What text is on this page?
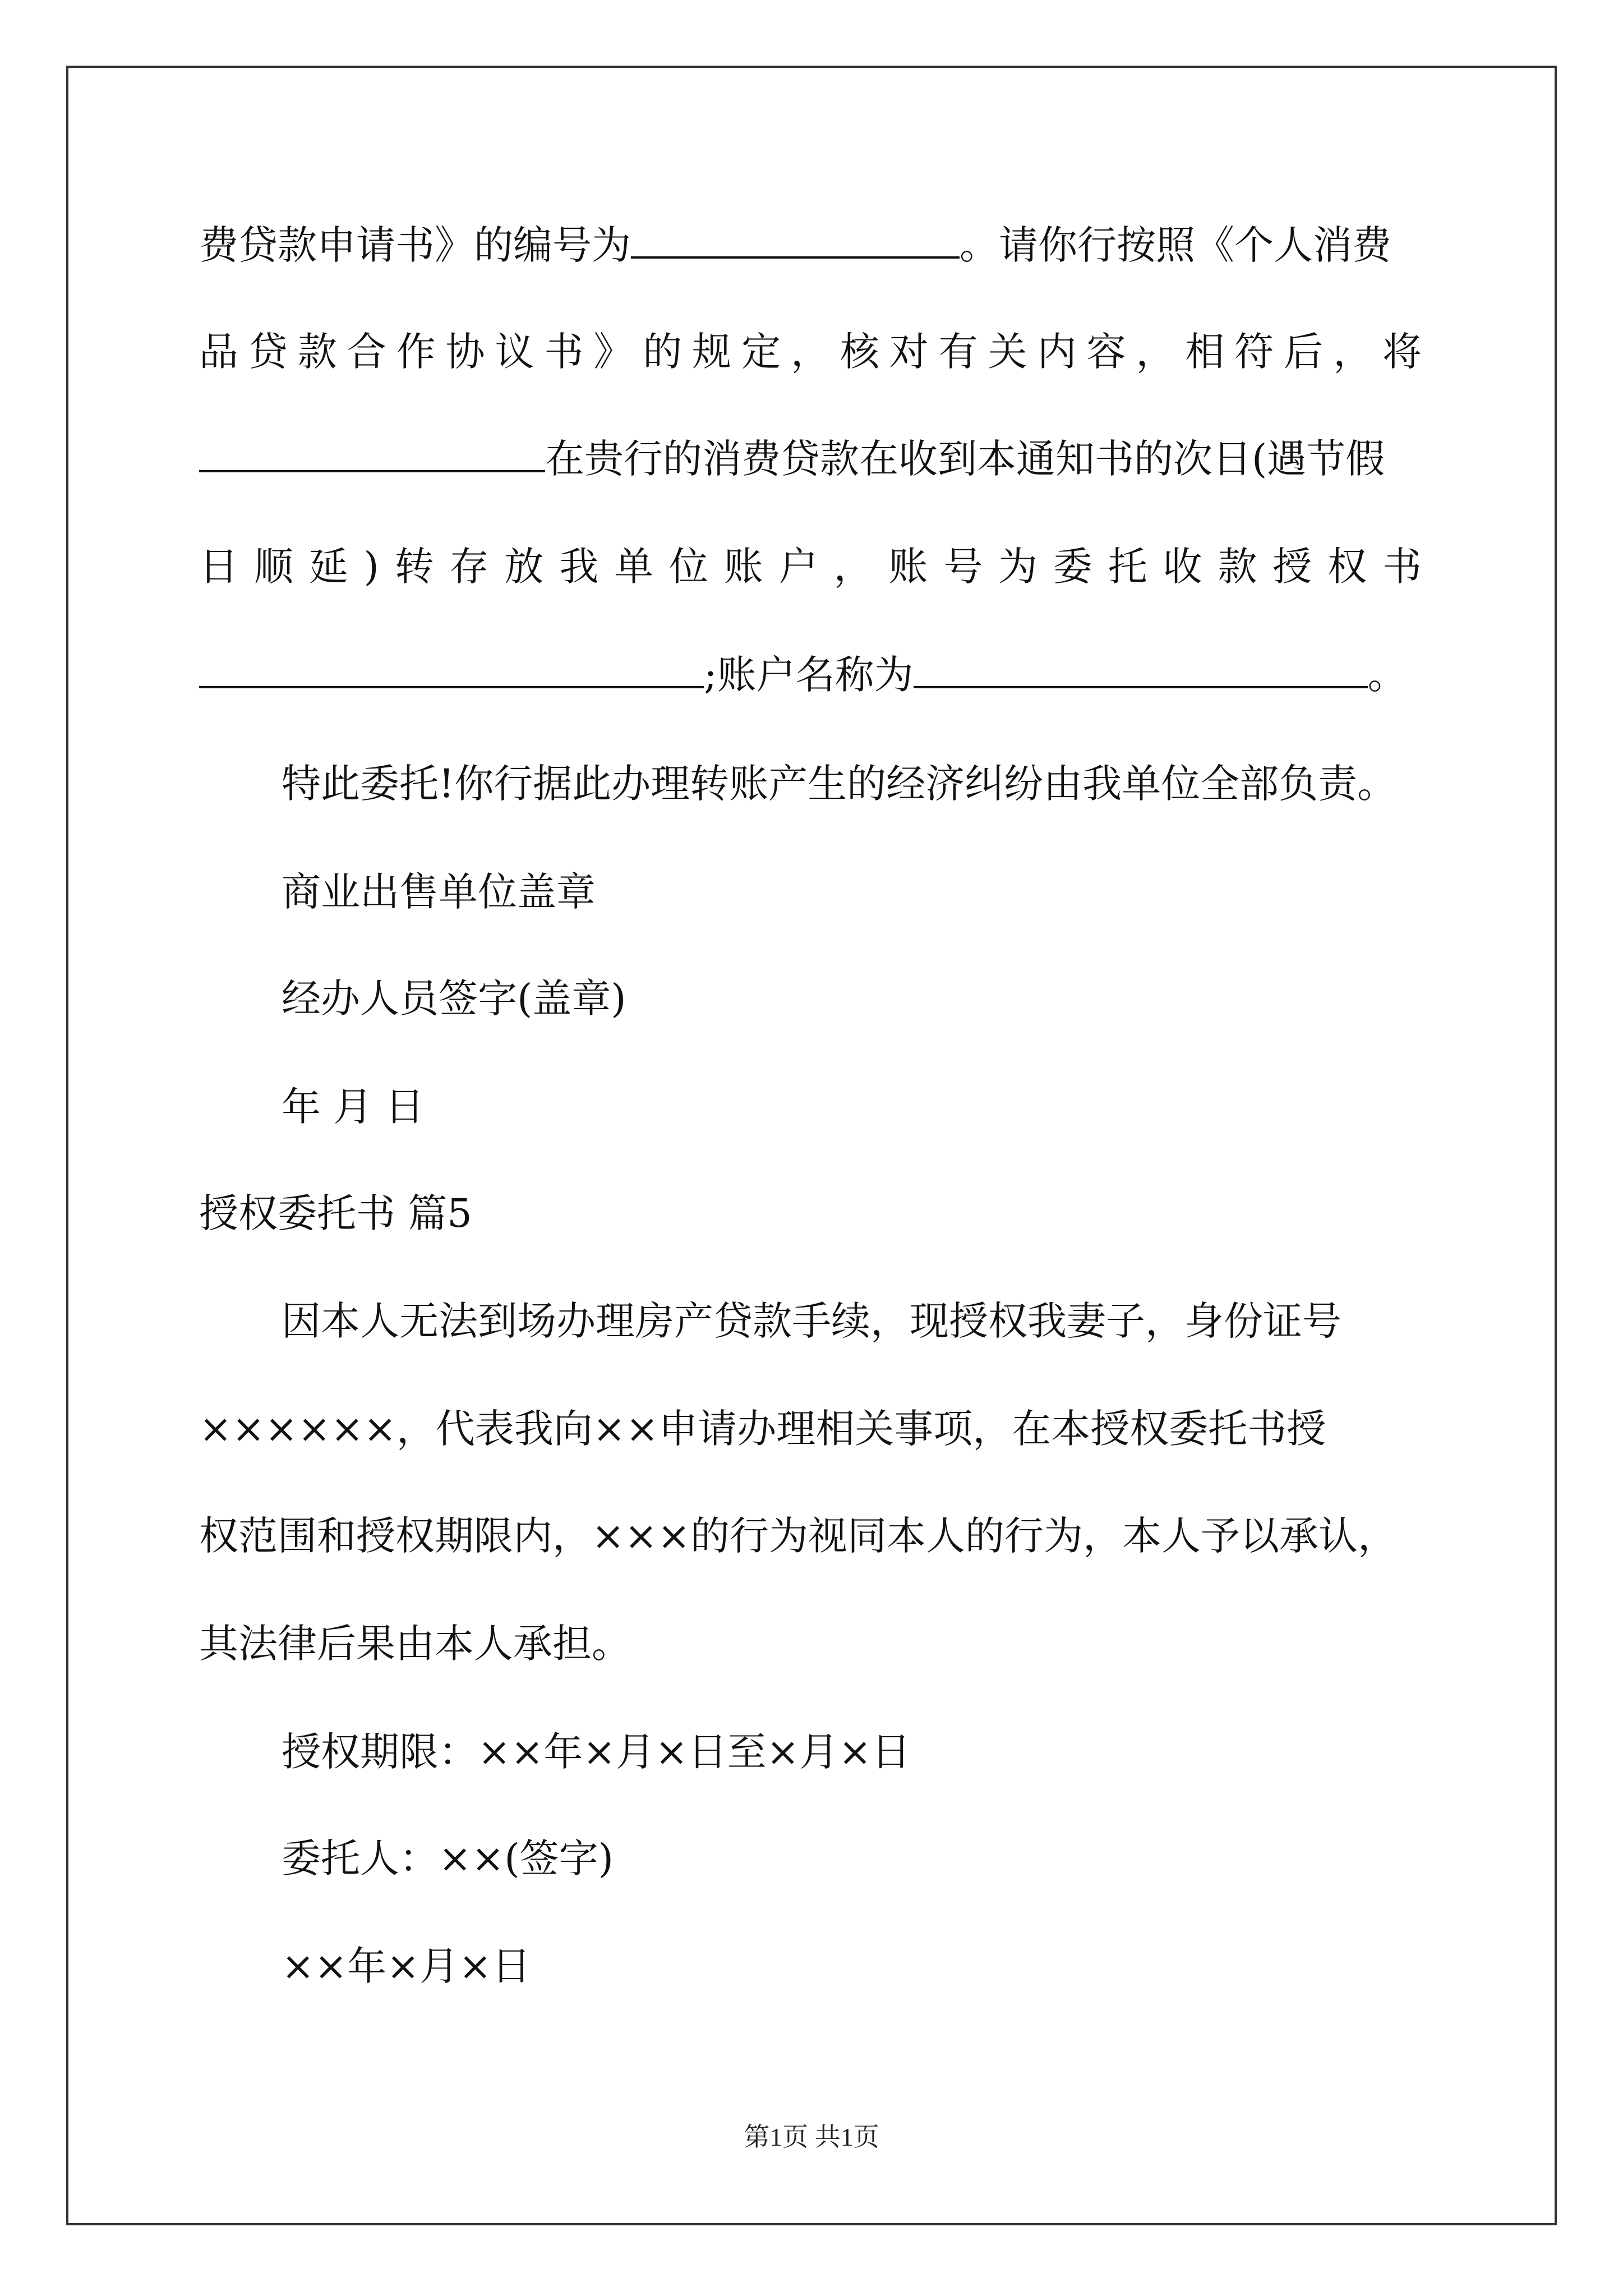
费贷款申请书》的编号为	。请你行按照《个人消费
品贷款合作协议书》的规定，核对有关内容，相符后，将
在贵行的消费贷款在收到本通知书的次日(遇节假
日顺延)转存放我单位账户，账号为委托收款授权书
;账户名称为	。
特此委托!你行据此办理转账产生的经济纠纷由我单位全部负责。
商业出售单位盖章
经办人员签字(盖章)
年 月 日
授权委托书 篇5
因本人无法到场办理房产贷款手续，现授权我妻子，身份证号
××××××，代表我向××申请办理相关事项，在本授权委托书授
权范围和授权期限内，×××的行为视同本人的行为，本人予以承认，
其法律后果由本人承担。
授权期限：××年×月×日至×月×日
委托人：××(签字)
××年×月×日
第1页 共1页
